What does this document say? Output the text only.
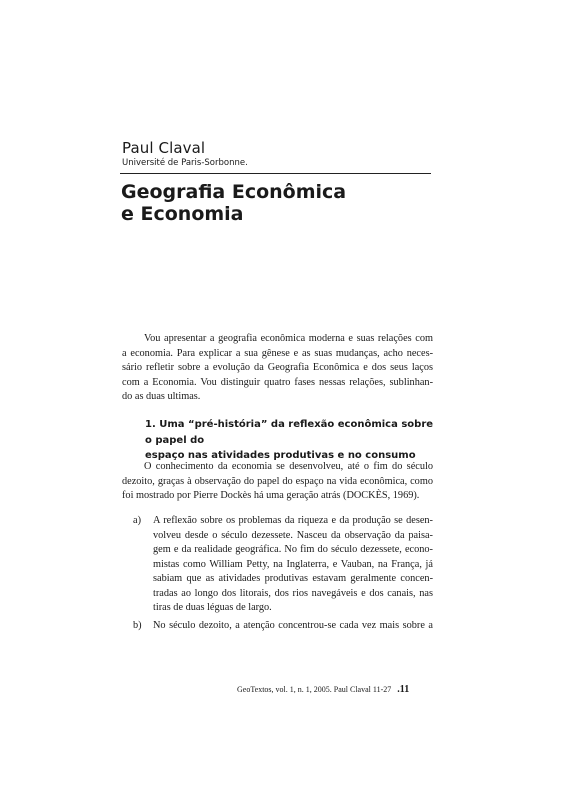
Paul Claval
Université de Paris-Sorbonne.
Geografia Econômica
e Economia
Vou apresentar a geografia econômica moderna e suas relações com
a economia. Para explicar a sua gênese e as suas mudanças, acho neces-
sário refletir sobre a evolução da Geografia Econômica e dos seus laços
com a Economia. Vou distinguir quatro fases nessas relações, sublinhan-
do as duas ultimas.
1. Uma “pré-história” da reflexão econômica sobre o papel do
espaço nas atividades produtivas e no consumo
O conhecimento da economia se desenvolveu, até o fim do século
dezoito, graças à observação do papel do espaço na vida econômica, como
foi mostrado por Pierre Dockès há uma geração atrás (DOCKÈS, 1969).
a) A reflexão sobre os problemas da riqueza e da produção se desen-
volveu desde o século dezessete. Nasceu da observação da paisa-
gem e da realidade geográfica. No fim do século dezessete, econo-
mistas como William Petty, na Inglaterra, e Vauban, na França, já
sabiam que as atividades produtivas estavam geralmente concen-
tradas ao longo dos litorais, dos rios navegáveis e dos canais, nas
tiras de duas léguas de largo.
b) No século dezoito, a atenção concentrou-se cada vez mais sobre a
GeoTextos, vol. 1, n. 1, 2005. Paul Claval 11-27 .11
